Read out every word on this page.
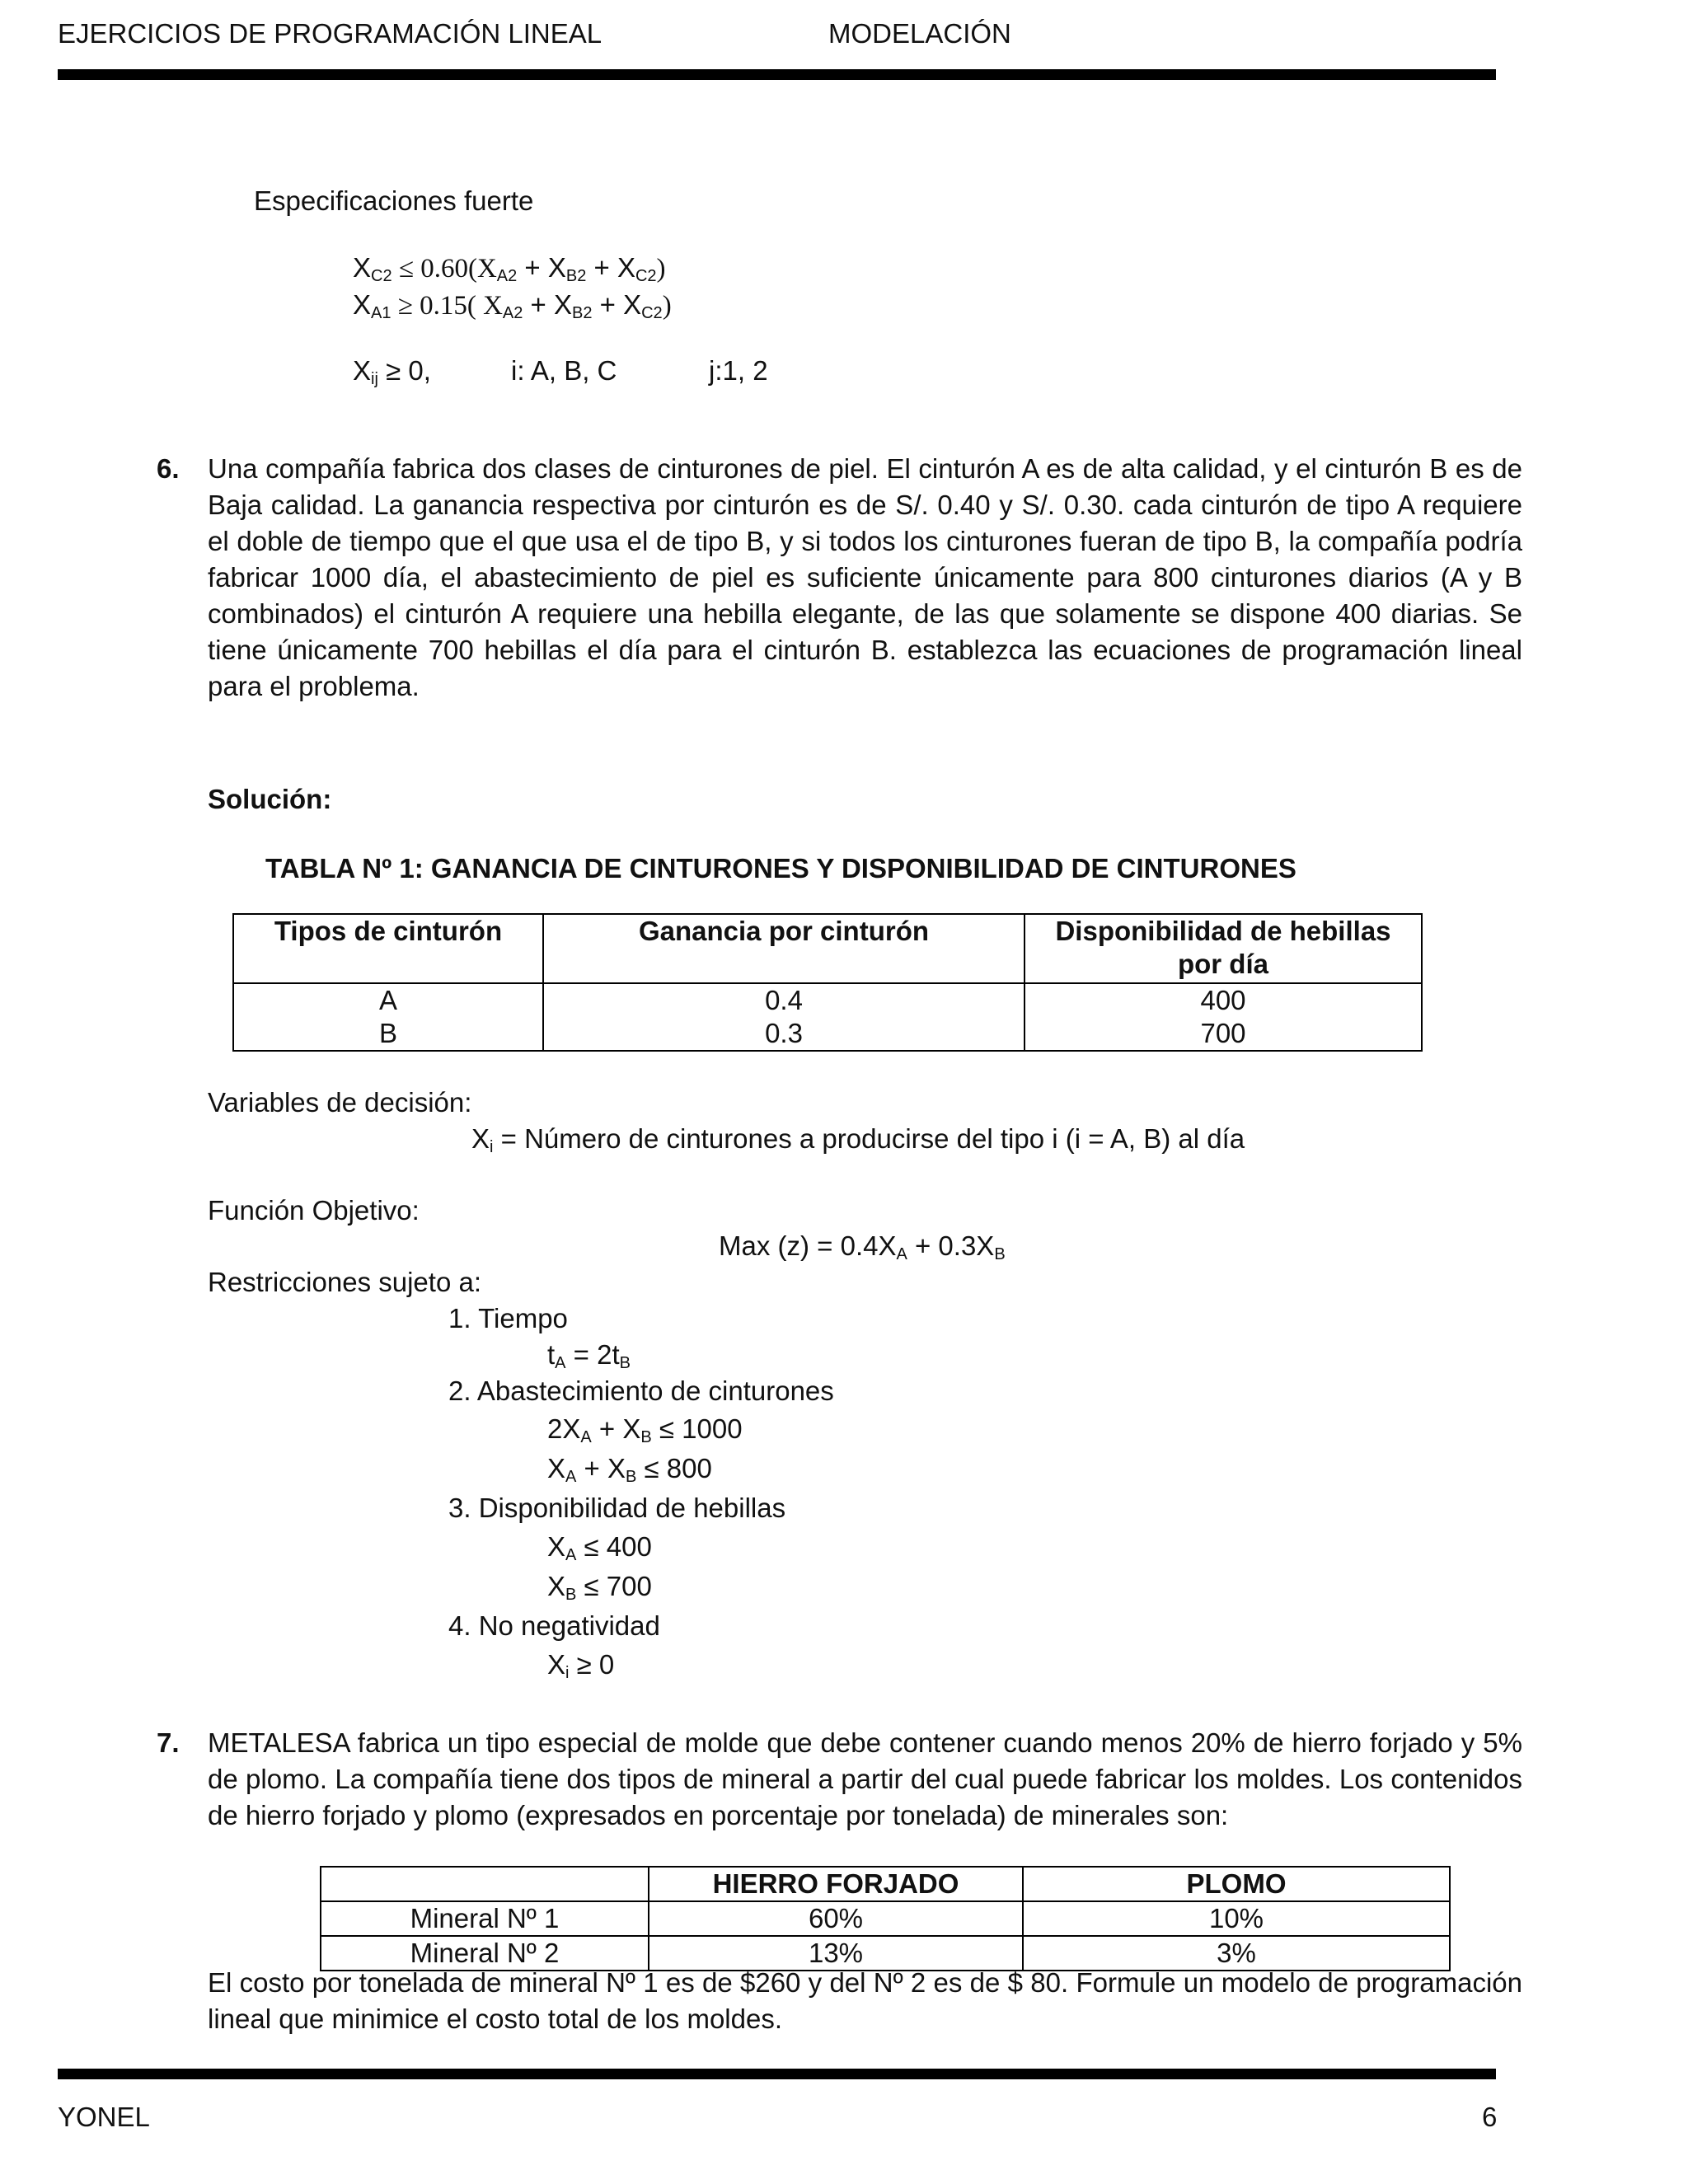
EJERCICIOS DE PROGRAMACIÓN LINEAL	MODELACIÓN
Especificaciones fuerte
$X_{C2} \le 0.60(X_{A2} + X_{B2} + X_{C2})$
$X_{A1} \ge 0.15$( $X_{A2} + X_{B2} + X_{C2}$)
$X_{ij} \ge 0$,	i: A, B, C	j:1, 2
6. Una compañía fabrica dos clases de cinturones de piel. El cinturón A es de alta calidad, y el cinturón B es de Baja calidad. La ganancia respectiva por cinturón es de S/. 0.40 y S/. 0.30. cada cinturón de tipo A requiere el doble de tiempo que el que usa el de tipo B, y si todos los cinturones fueran de tipo B, la compañía podría fabricar 1000 día, el abastecimiento de piel es suficiente únicamente para 800 cinturones diarios (A y B combinados) el cinturón A requiere una hebilla elegante, de las que solamente se dispone 400 diarias. Se tiene únicamente 700 hebillas el día para el cinturón B. establezca las ecuaciones de programación lineal para el problema.
Solución:
TABLA Nº 1: GANANCIA DE CINTURONES Y DISPONIBILIDAD DE CINTURONES
Tipos de cinturón	Ganancia por cinturón	Disponibilidad de hebillas por día
A	0.4	400
B	0.3	700
Variables de decisión:
$X_i$ = Número de cinturones a producirse del tipo i (i = A, B) al día
Función Objetivo:
Max $(z) = 0.4X_A + 0.3X_B$
Restricciones sujeto a:
1. Tiempo
$t_A = 2t_B$
2. Abastecimiento de cinturones
$2X_A + X_B \le 1000$
$X_A + X_B \le 800$
3. Disponibilidad de hebillas
$X_A \le 400$
$X_B \le 700$
4. No negatividad
$X_i \ge 0$
7. METALESA fabrica un tipo especial de molde que debe contener cuando menos 20% de hierro forjado y 5% de plomo. La compañía tiene dos tipos de mineral a partir del cual puede fabricar los moldes. Los contenidos de hierro forjado y plomo (expresados en porcentaje por tonelada) de minerales son:
	HIERRO FORJADO	PLOMO
Mineral Nº 1	60%	10%
Mineral Nº 2	13%	3%
El costo por tonelada de mineral Nº 1 es de $260 y del Nº 2 es de $ 80. Formule un modelo de programación lineal que minimice el costo total de los moldes.
YONEL	6
